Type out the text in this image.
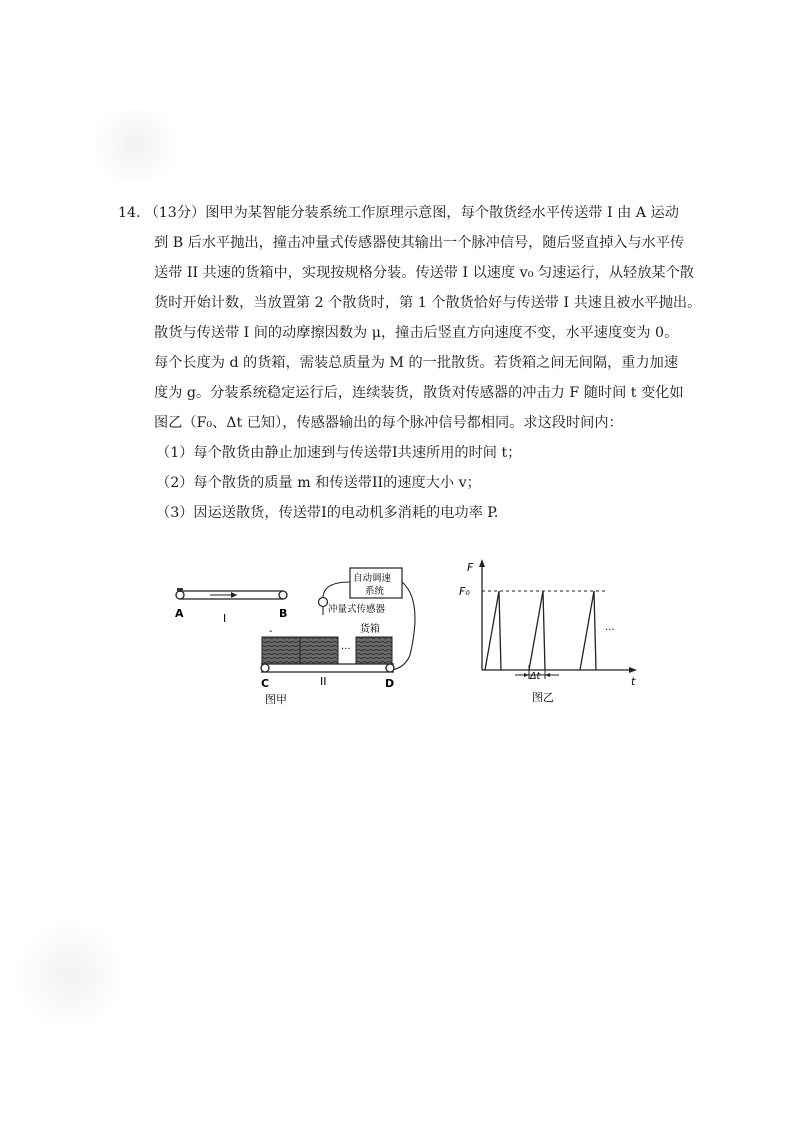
14. （13分）图甲为某智能分装系统工作原理示意图，每个散货经水平传送带 I 由 A 运动
到 B 后水平抛出，撞击冲量式传感器使其输出一个脉冲信号，随后竖直掉入与水平传
送带 II 共速的货箱中，实现按规格分装。传送带 I 以速度 v₀ 匀速运行，从轻放某个散
货时开始计数，当放置第 2 个散货时，第 1 个散货恰好与传送带 I 共速且被水平抛出。
散货与传送带 I 间的动摩擦因数为 μ，撞击后竖直方向速度不变，水平速度变为 0。
每个长度为 d 的货箱，需装总质量为 M 的一批散货。若货箱之间无间隔，重力加速
度为 g。分装系统稳定运行后，连续装货，散货对传感器的冲击力 F 随时间 t 变化如
图乙（F₀、Δt 已知），传感器输出的每个脉冲信号都相同。求这段时间内：
（1）每个散货由静止加速到与传送带I共速所用的时间 t；
（2）每个散货的质量 m 和传送带II的速度大小 v；
（3）因运送散货，传送带I的电动机多消耗的电功率 P.
A	B
I
自动调速
系统
冲量式传感器
-
···
货箱
C	D
II
图甲
F
t
F₀
···
Δt
图乙
